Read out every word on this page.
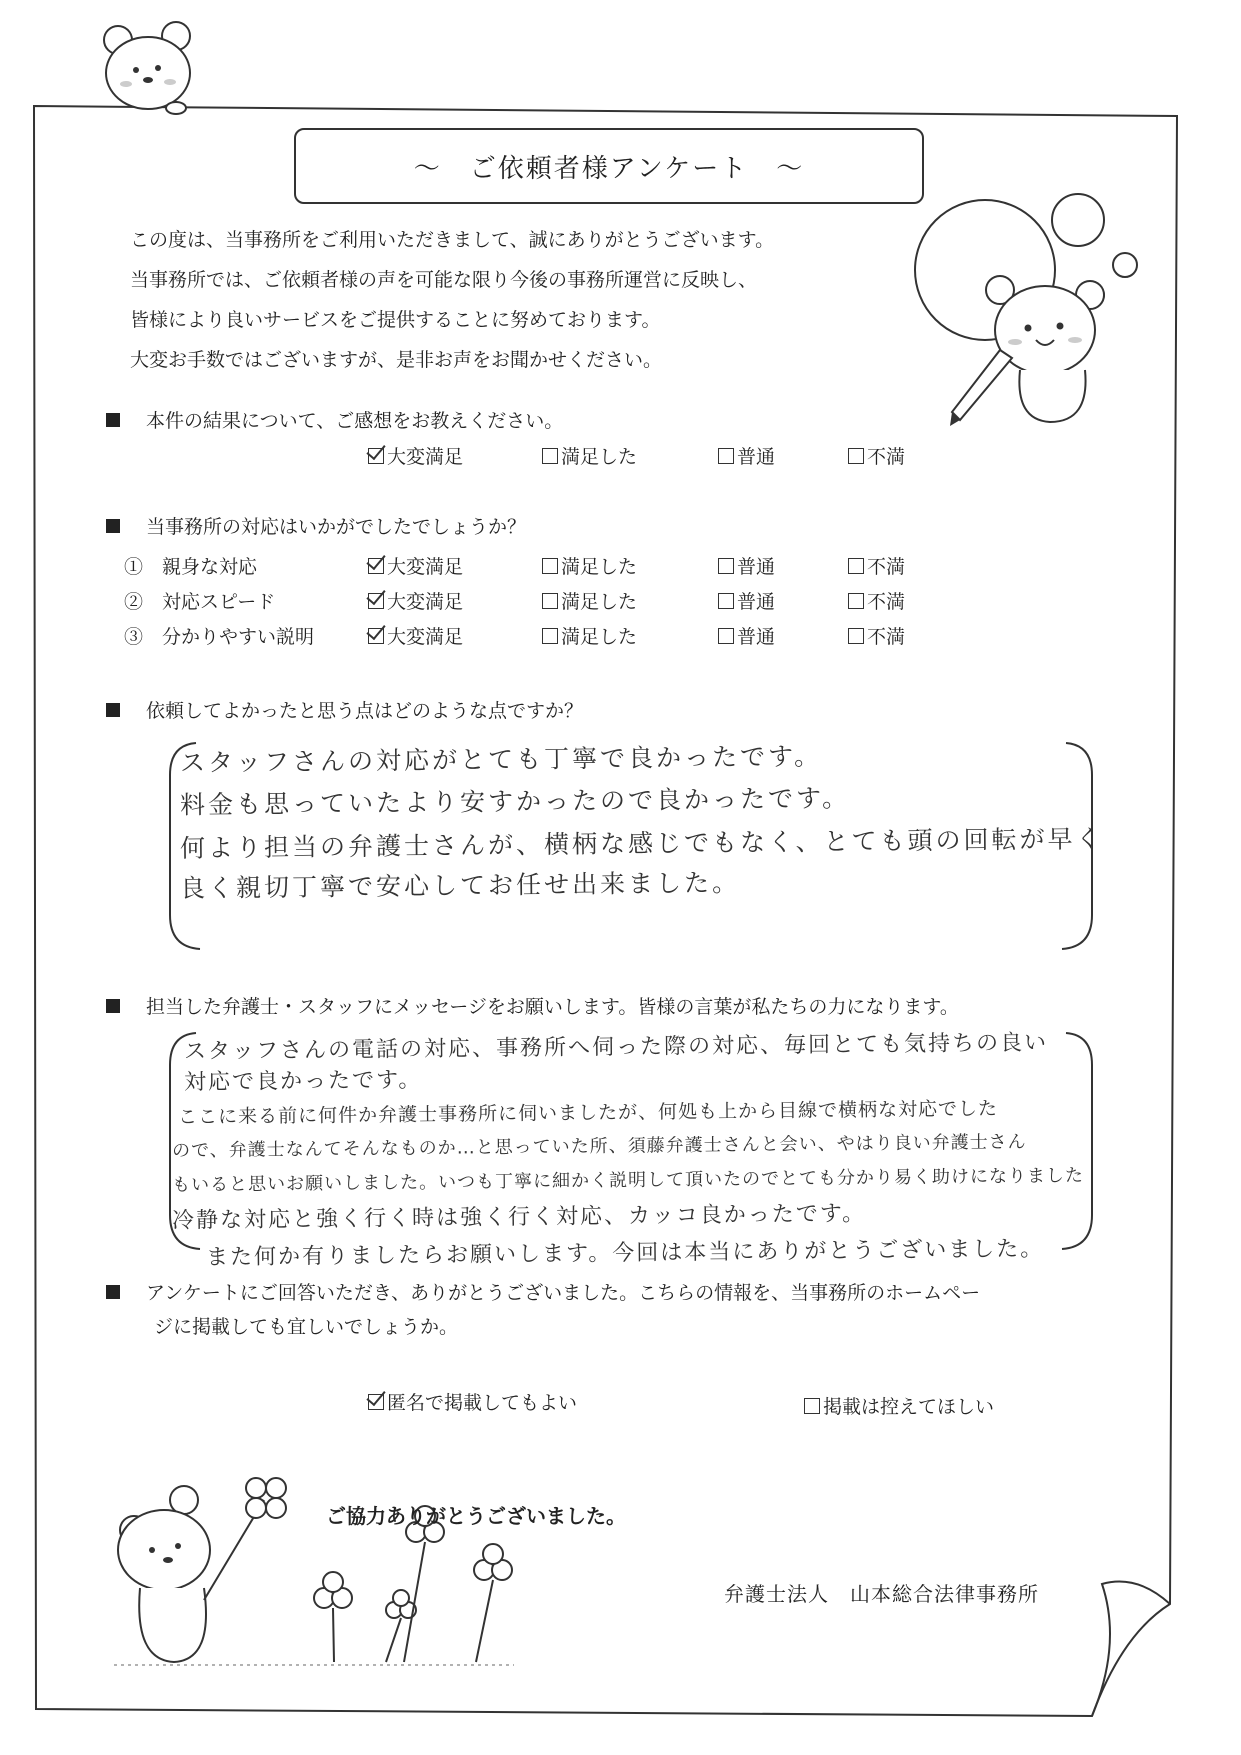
～　ご依頼者様アンケート　～
この度は、当事務所をご利用いただきまして、誠にありがとうございます。
当事務所では、ご依頼者様の声を可能な限り今後の事務所運営に反映し、
皆様により良いサービスをご提供することに努めております。
大変お手数ではございますが、是非お声をお聞かせください。
本件の結果について、ご感想をお教えください。
大変満足	満足した	普通	不満
当事務所の対応はいかがでしたでしょうか？
①　 親身な対応	大変満足	満足した	普通	不満
②　 対応スピード	大変満足	満足した	普通	不満
③　 分かりやすい説明	大変満足	満足した	普通	不満
依頼してよかったと思う点はどのような点ですか？
スタッフさんの対応がとても丁寧で良かったです。
料金も思っていたより安すかったので良かったです。
何より担当の弁護士さんが、横柄な感じでもなく、とても頭の回転が早く
良く親切丁寧で安心してお任せ出来ました。
担当した弁護士・スタッフにメッセージをお願いします。皆様の言葉が私たちの力になります。
スタッフさんの電話の対応、事務所へ伺った際の対応、毎回とても気持ちの良い
対応で良かったです。
ここに来る前に何件か弁護士事務所に伺いましたが、何処も上から目線で横柄な対応でした
ので、弁護士なんてそんなものか…と思っていた所、須藤弁護士さんと会い、やはり良い弁護士さん
もいると思いお願いしました。いつも丁寧に細かく説明して頂いたのでとても分かり易く助けになりました
冷静な対応と強く行く時は強く行く対応、カッコ良かったです。
また何か有りましたらお願いします。今回は本当にありがとうございました。
アンケートにご回答いただき、ありがとうございました。こちらの情報を、当事務所のホームペー
ジに掲載しても宜しいでしょうか。
匿名で掲載してもよい	掲載は控えてほしい
ご協力ありがとうございました。
弁護士法人　山本総合法律事務所
